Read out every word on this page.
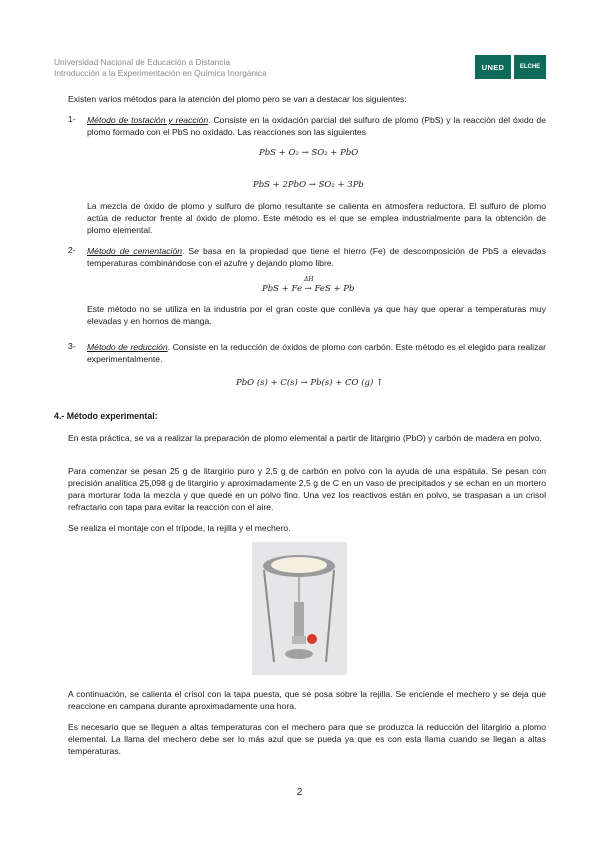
Universidad Nacional de Educación a Distancia
Introducción a la Experimentación en Química Inorgánica
UNED	ELCHE
Existen varios métodos para la atención del plomo pero se van a destacar los siguientes:
1- Método de tostación y reacción. Consiste en la oxidación parcial del sulfuro de plomo (PbS) y la reacción del óxido de plomo formado con el PbS no oxidado. Las reacciones son las siguientes
PbS + O₂ → SO₂ + PbO
PbS + 2PbO → SO₂ + 3Pb
La mezcla de óxido de plomo y sulfuro de plomo resultante se calienta en atmosfera reductora. El sulfuro de plomo actúa de reductor frente al óxido de plomo. Este método es el que se emplea industrialmente para la obtención de plomo elemental.
2- Método de cementación. Se basa en la propiedad que tiene el hierro (Fe) de descomposición de PbS a elevadas temperaturas combinándose con el azufre y dejando plomo libre.
ΔH
PbS + Fe → FeS + Pb
Este método no se utiliza en la industria por el gran coste que conlleva ya que hay que operar a temperaturas muy elevadas y en hornos de manga.
3- Método de reducción. Consiste en la reducción de óxidos de plomo con carbón. Este método es el elegido para realizar experimentalmente.
PbO (s) + C(s) → Pb(s) + CO (g) ↑
4.- Método experimental:
En esta práctica, se va a realizar la preparación de plomo elemental a partir de litargirio (PbO) y carbón de madera en polvo.
Para comenzar se pesan 25 g de litargirio puro y 2,5 g de carbón en polvo con la ayuda de una espátula. Se pesan con precisión analítica 25,098 g de litargirio y aproximadamente 2,5 g de C en un vaso de precipitados y se echan en un mortero para morturar toda la mezcla y que quede en un polvo fino. Una vez los reactivos están en polvo, se traspasan a un crisol refractario con tapa para evitar la reacción con el aire.
Se realiza el montaje con el trípode, la rejilla y el mechero.
A continuación, se calienta el crisol con la tapa puesta, que se posa sobre la rejilla. Se enciende el mechero y se deja que reaccione en campana durante aproximadamente una hora.
Es necesario que se lleguen a altas temperaturas con el mechero para que se produzca la reducción del litargirio a plomo elemental. La llama del mechero debe ser lo más azul que se pueda ya que es con esta llama cuando se llegan a altas temperaturas.
2
